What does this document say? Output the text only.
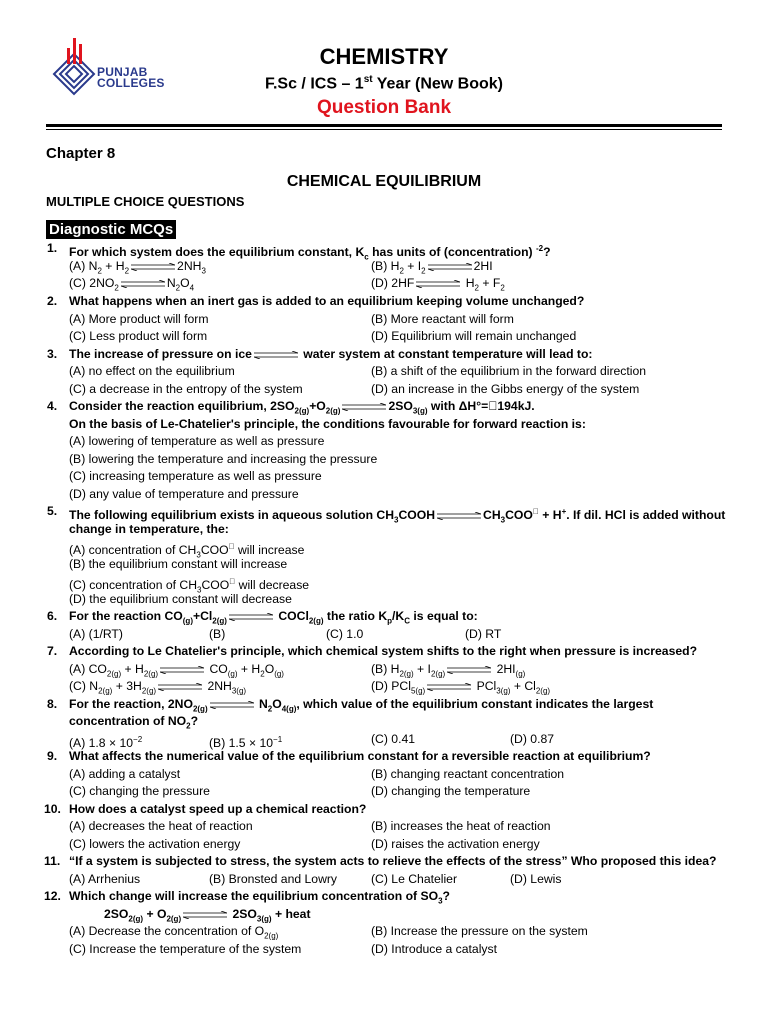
PUNJAB
COLLEGES
CHEMISTRY
F.Sc / ICS – 1st Year (New Book)
Question Bank
Chapter 8
CHEMICAL EQUILIBRIUM
MULTIPLE CHOICE QUESTIONS
Diagnostic MCQs
1. For which system does the equilibrium constant, $K_c$ has units of (concentration) $^{-2}$?
(A) $N_2 + H_2$ ⇌ $2NH_3$	(B) $H_2 + I_2$ ⇌ 2HI
(C) $2NO_2$ ⇌ $N_2O_4$	(D) 2HF ⇌ $H_2 + F_2$
2. What happens when an inert gas is added to an equilibrium keeping volume unchanged?
(A) More product will form	(B) More reactant will form
(C) Less product will form	(D) Equilibrium will remain unchanged
3. The increase of pressure on ice ⇌ water system at constant temperature will lead to:
(A) no effect on the equilibrium	(B) a shift of the equilibrium in the forward direction
(C) a decrease in the entropy of the system	(D) an increase in the Gibbs energy of the system
4. Consider the reaction equilibrium, $2SO_{2(g)}+O_{2(g)}$ ⇌ $2SO_{3(g)}$ with ΔH°=􀀀194kJ.
On the basis of Le-Chatelier's principle, the conditions favourable for forward reaction is:
(A) lowering of temperature as well as pressure
(B) lowering the temperature and increasing the pressure
(C) increasing temperature as well as pressure
(D) any value of temperature and pressure
5. The following equilibrium exists in aqueous solution $CH_3COOH$ ⇌ $CH_3COO^􀀀 + H^+$. If dil. HCl is added without
change in temperature, the:
(A) concentration of $CH_3COO^􀀀$ will increase
(B) the equilibrium constant will increase
(C) concentration of $CH_3COO^􀀀$ will decrease
(D) the equilibrium constant will decrease
6. For the reaction $CO_{(g)}+Cl_{2(g)}$ ⇌ COCl$_{2(g)}$ the ratio $K_p/K_C$ is equal to:
(A) (1/RT)	(B)	(C) 1.0	(D) RT
7. According to Le Chatelier's principle, which chemical system shifts to the right when pressure is increased?
(A) $CO_{2(g)} + H_{2(g)}$ ⇌ $CO_{(g)} + H_2O_{(g)}$	(B) $H_{2(g)} + I_{2(g)}$ ⇌ $2HI_{(g)}$
(C) $N_{2(g)} + 3H_{2(g)}$ ⇌ $2NH_{3(g)}$	(D) PCl$_{5(g)}$ ⇌ $PCl_{3(g)} + Cl_{2(g)}$
8. For the reaction, $2NO_{2(g)}$ ⇌ $N_2O_{4(g)}$, which value of the equilibrium constant indicates the largest
concentration of $NO_2$?
(A) $1.8 \times 10^{-2}$	(B) $1.5 \times 10^{-1}$	(C) 0.41	(D) 0.87
9. What affects the numerical value of the equilibrium constant for a reversible reaction at equilibrium?
(A) adding a catalyst	(B) changing reactant concentration
(C) changing the pressure	(D) changing the temperature
10. How does a catalyst speed up a chemical reaction?
(A) decreases the heat of reaction	(B) increases the heat of reaction
(C) lowers the activation energy	(D) raises the activation energy
11. “If a system is subjected to stress, the system acts to relieve the effects of the stress” Who proposed this idea?
(A) Arrhenius	(B) Bronsted and Lowry	(C) Le Chatelier	(D) Lewis
12. Which change will increase the equilibrium concentration of $SO_3$?
$2SO_{2(g)} + O_{2(g)}$ ⇌ $2SO_{3(g)}$ + heat
(A) Decrease the concentration of $O_{2(g)}$	(B) Increase the pressure on the system
(C) Increase the temperature of the system	(D) Introduce a catalyst
